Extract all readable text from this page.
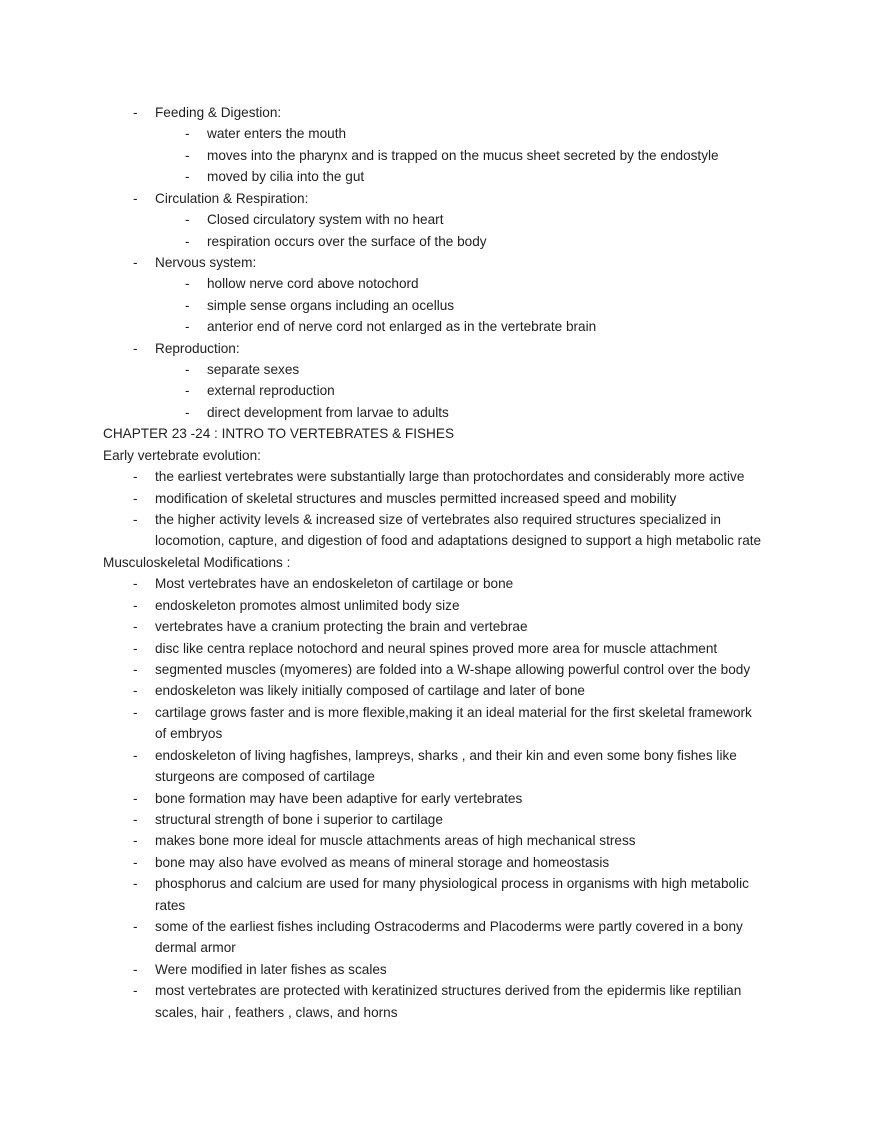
- Feeding & Digestion:
- water enters the mouth
- moves into the pharynx and is trapped on the mucus sheet secreted by the endostyle
- moved by cilia into the gut
- Circulation & Respiration:
- Closed circulatory system with no heart
- respiration occurs over the surface of the body
- Nervous system:
- hollow nerve cord above notochord
- simple sense organs including an ocellus
- anterior end of nerve cord not enlarged as in the vertebrate brain
- Reproduction:
- separate sexes
- external reproduction
- direct development from larvae to adults
CHAPTER 23 -24 : INTRO TO VERTEBRATES & FISHES
Early vertebrate evolution:
- the earliest vertebrates were substantially large than protochordates and considerably more active
- modification of skeletal structures and muscles permitted increased speed and mobility
- the higher activity levels & increased size of vertebrates also required structures specialized in
locomotion, capture, and digestion of food and adaptations designed to support a high metabolic rate
Musculoskeletal Modifications :
- Most vertebrates have an endoskeleton of cartilage or bone
- endoskeleton promotes almost unlimited body size
- vertebrates have a cranium protecting the brain and vertebrae
- disc like centra replace notochord and neural spines proved more area for muscle attachment
- segmented muscles (myomeres) are folded into a W-shape allowing powerful control over the body
- endoskeleton was likely initially composed of cartilage and later of bone
- cartilage grows faster and is more flexible,making it an ideal material for the first skeletal framework
of embryos
- endoskeleton of living hagfishes, lampreys, sharks , and their kin and even some bony fishes like
sturgeons are composed of cartilage
- bone formation may have been adaptive for early vertebrates
- structural strength of bone i superior to cartilage
- makes bone more ideal for muscle attachments areas of high mechanical stress
- bone may also have evolved as means of mineral storage and homeostasis
- phosphorus and calcium are used for many physiological process in organisms with high metabolic
rates
- some of the earliest fishes including Ostracoderms and Placoderms were partly covered in a bony
dermal armor
- Were modified in later fishes as scales
- most vertebrates are protected with keratinized structures derived from the epidermis like reptilian
scales, hair , feathers , claws, and horns
